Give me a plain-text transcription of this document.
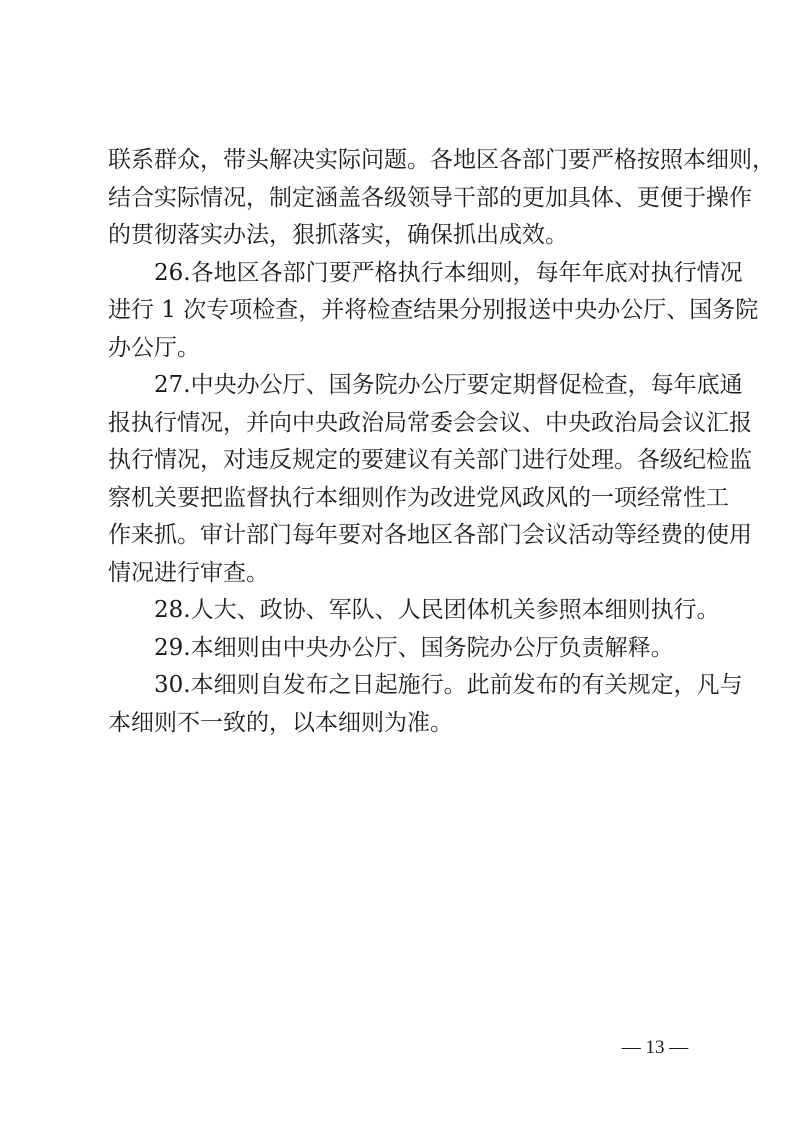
联系群众，带头解决实际问题。各地区各部门要严格按照本细则，
结合实际情况，制定涵盖各级领导干部的更加具体、更便于操作
的贯彻落实办法，狠抓落实，确保抓出成效。
26.各地区各部门要严格执行本细则，每年年底对执行情况
进行 1 次专项检查，并将检查结果分别报送中央办公厅、国务院
办公厅。
27.中央办公厅、国务院办公厅要定期督促检查，每年底通
报执行情况，并向中央政治局常委会会议、中央政治局会议汇报
执行情况，对违反规定的要建议有关部门进行处理。各级纪检监
察机关要把监督执行本细则作为改进党风政风的一项经常性工
作来抓。审计部门每年要对各地区各部门会议活动等经费的使用
情况进行审查。
28.人大、政协、军队、人民团体机关参照本细则执行。
29.本细则由中央办公厅、国务院办公厅负责解释。
30.本细则自发布之日起施行。此前发布的有关规定，凡与
本细则不一致的，以本细则为准。
— 13 —
